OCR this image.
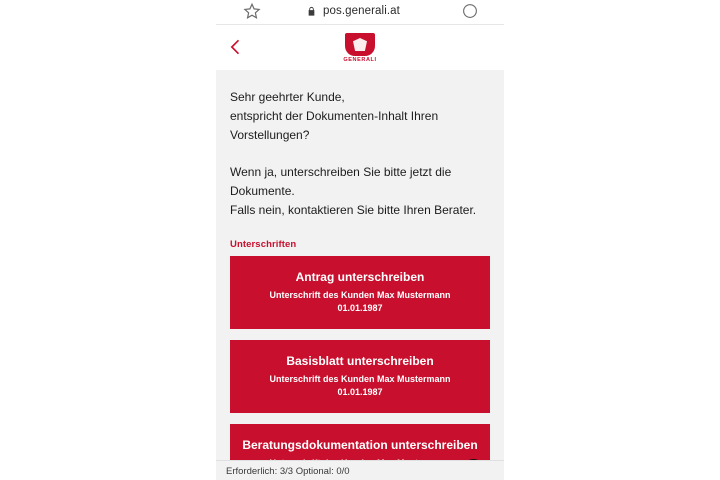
pos.generali.at
GENERALI

Sehr geehrter Kunde,

entspricht der Dokumenten-Inhalt Ihren

Vorstellungen?

Wenn ja, unterschreiben Sie bitte jetzt die

Dokumente.

Falls nein, kontaktieren Sie bitte Ihren Berater.

Unterschriften
Antrag unterschreiben
Unterschrift des Kunden Max Mustermann
01.01.1987
Basisblatt unterschreiben
Unterschrift des Kunden Max Mustermann
01.01.1987
Beratungsdokumentation unterschreiben
Erforderlich: 3/3 Optional: 0/0
